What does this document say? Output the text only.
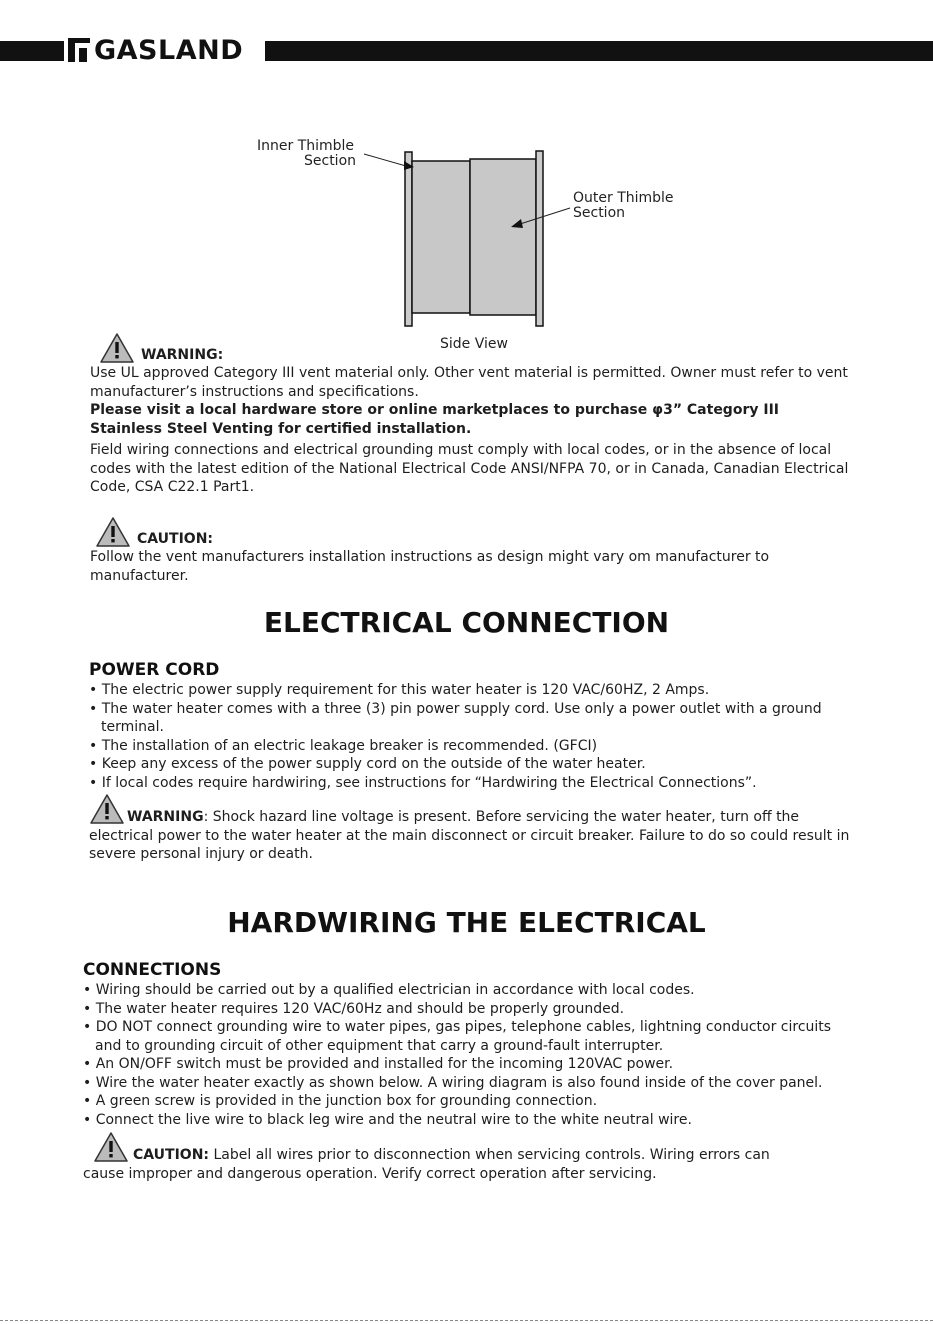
GASLAND
Inner Thimble
Section
Outer Thimble
Section
Side View
WARNING:

Use UL approved Category III vent material only. Other vent material is permitted. Owner must refer to vent manufacturer’s instructions and specifications.

Please visit a local hardware store or online marketplaces to purchase φ3” Category III Stainless Steel Venting for certified installation.

Field wiring connections and electrical grounding must comply with local codes, or in the absence of local codes with the latest edition of the National Electrical Code ANSI/NFPA 70, or in Canada, Canadian Electrical Code, CSA C22.1 Part1.

CAUTION:

Follow the vent manufacturers installation instructions as design might vary om manufacturer to manufacturer.

ELECTRICAL CONNECTION
POWER CORD
• The electric power supply requirement for this water heater is 120 VAC/60HZ, 2 Amps.
• The water heater comes with a three (3) pin power supply cord. Use only a power outlet with a ground terminal.
• The installation of an electric leakage breaker is recommended. (GFCI)
• Keep any excess of the power supply cord on the outside of the water heater.
• If local codes require hardwiring, see instructions for “Hardwiring the Electrical Connections”.

WARNING: Shock hazard line voltage is present. Before servicing the water heater, turn off the electrical power to the water heater at the main disconnect or circuit breaker. Failure to do so could result in severe personal injury or death.

HARDWIRING THE ELECTRICAL
CONNECTIONS
• Wiring should be carried out by a qualified electrician in accordance with local codes.
• The water heater requires 120 VAC/60Hz and should be properly grounded.
• DO NOT connect grounding wire to water pipes, gas pipes, telephone cables, lightning conductor circuits and to grounding circuit of other equipment that carry a ground-fault interrupter.
• An ON/OFF switch must be provided and installed for the incoming 120VAC power.
• Wire the water heater exactly as shown below. A wiring diagram is also found inside of the cover panel.
• A green screw is provided in the junction box for grounding connection.
• Connect the live wire to black leg wire and the neutral wire to the white neutral wire.

CAUTION: Label all wires prior to disconnection when servicing controls. Wiring errors can cause improper and dangerous operation. Verify correct operation after servicing.
